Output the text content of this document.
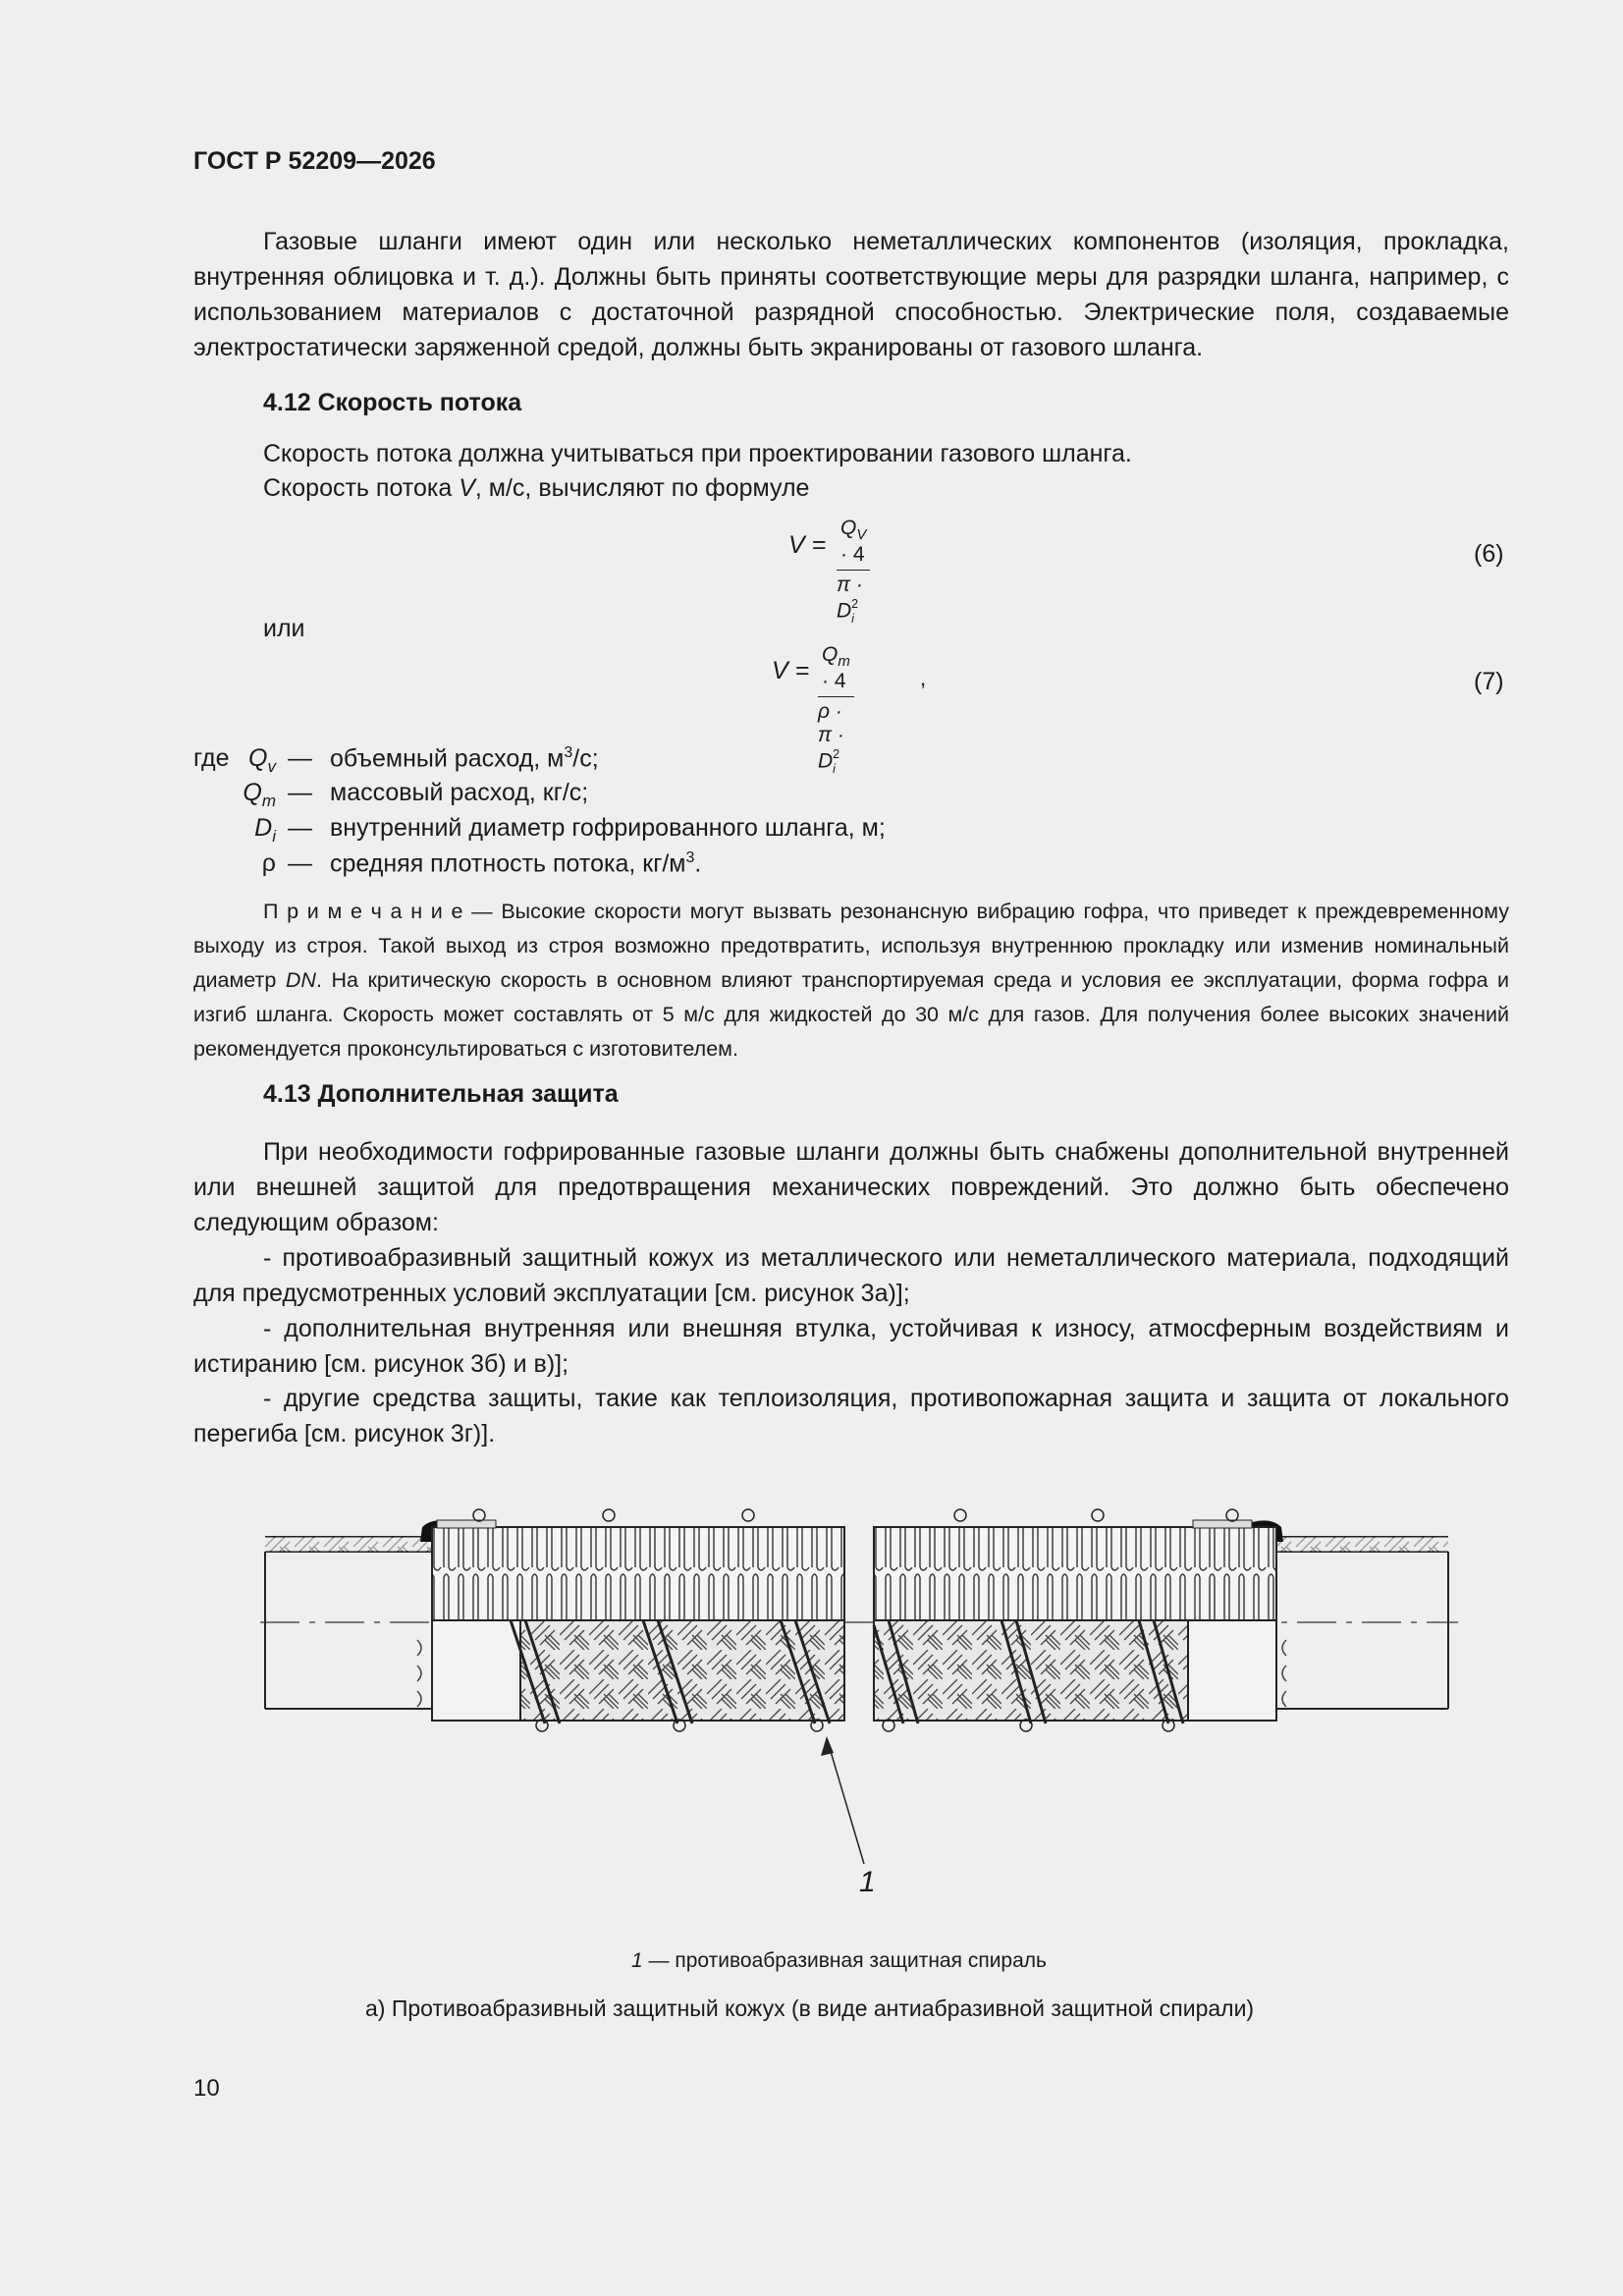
ГОСТ Р 52209—2026
Газовые шланги имеют один или несколько неметаллических компонентов (изоляция, прокладка, внутренняя облицовка и т. д.). Должны быть приняты соответствующие меры для разрядки шланга, например, с использованием материалов с достаточной разрядной способностью. Электрические поля, создаваемые электростатически заряженной средой, должны быть экранированы от газового шланга.
4.12 Скорость потока
Скорость потока должна учитываться при проектировании газового шланга.
Скорость потока V, м/с, вычисляют по формуле
$V = Q_V \cdot 4$
π · D 2
i	(6)
или
$V = Q_m \cdot 4$
ρ · π · D 2
i	,	(7)
где $Q_v$ — объемный расход, $м^3/с$;
$Q_m$ — массовый расход, кг/с;
$D_i$ — внутренний диаметр гофрированного шланга, м;
ρ — средняя плотность потока, $кг/м^3$.
П р и м е ч а н и е — Высокие скорости могут вызвать резонансную вибрацию гофра, что приведет к преждевременному выходу из строя. Такой выход из строя возможно предотвратить, используя внутреннюю прокладку или изменив номинальный диаметр DN. На критическую скорость в основном влияют транспортируемая среда и условия ее эксплуатации, форма гофра и изгиб шланга. Скорость может составлять от 5 м/с для жидкостей до 30 м/с для газов. Для получения более высоких значений рекомендуется проконсультироваться с изготовителем.
4.13 Дополнительная защита
При необходимости гофрированные газовые шланги должны быть снабжены дополнительной внутренней или внешней защитой для предотвращения механических повреждений. Это должно быть обеспечено следующим образом:
- противоабразивный защитный кожух из металлического или неметаллического материала, подходящий для предусмотренных условий эксплуатации [см. рисунок 3а)];
- дополнительная внутренняя или внешняя втулка, устойчивая к износу, атмосферным воздействиям и истиранию [см. рисунок 3б) и в)];
- другие средства защиты, такие как теплоизоляция, противопожарная защита и защита от локального перегиба [см. рисунок 3г)].
1
1 — противоабразивная защитная спираль
а) Противоабразивный защитный кожух (в виде антиабразивной защитной спирали)
10
